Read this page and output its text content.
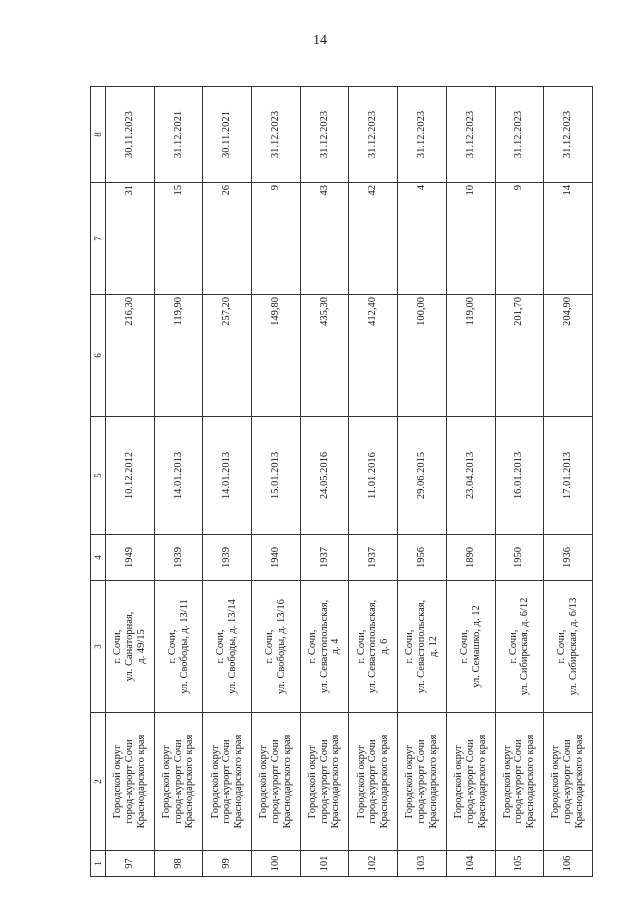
14
1	2	3	4	5	6	7	8
97	Городской округ город-курорт Сочи Краснодарского края	г. Сочи, ул. Санаторная, д. 49/15	1949	10.12.2012	216,30	31	30.11.2023
98	Городской округ город-курорт Сочи Краснодарского края	г. Сочи, ул. Свободы, д. 13/11	1939	14.01.2013	119,90	15	31.12.2021
99	Городской округ город-курорт Сочи Краснодарского края	г. Сочи, ул. Свободы, д. 13/14	1939	14.01.2013	257,20	26	30.11.2021
100	Городской округ город-курорт Сочи Краснодарского края	г. Сочи, ул. Свободы, д. 13/16	1940	15.01.2013	149,80	9	31.12.2023
101	Городской округ город-курорт Сочи Краснодарского края	г. Сочи, ул. Севастопольская, д. 4	1937	24.05.2016	435,30	43	31.12.2023
102	Городской округ город-курорт Сочи Краснодарского края	г. Сочи, ул. Севастопольская, д. 6	1937	11.01.2016	412,40	42	31.12.2023
103	Городской округ город-курорт Сочи Краснодарского края	г. Сочи, ул. Севастопольская, д. 12	1956	29.06.2015	100,00	4	31.12.2023
104	Городской округ город-курорт Сочи Краснодарского края	г. Сочи, ул. Семашко, д. 12	1890	23.04.2013	119,00	10	31.12.2023
105	Городской округ город-курорт Сочи Краснодарского края	г. Сочи, ул. Сибирская, д. 6/12	1950	16.01.2013	201,70	9	31.12.2023
106	Городской округ город-курорт Сочи Краснодарского края	г. Сочи, ул. Сибирская, д. 6/13	1936	17.01.2013	204,90	14	31.12.2023
